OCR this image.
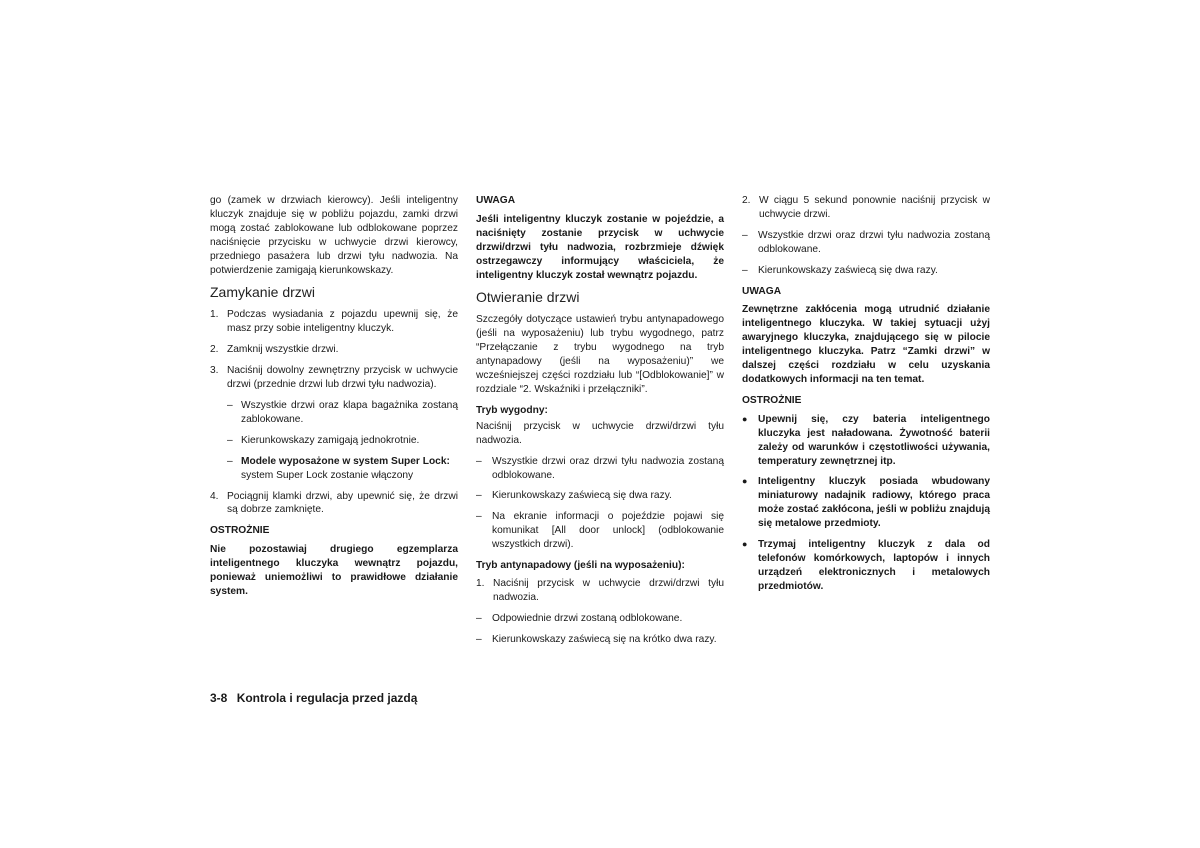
go (zamek w drzwiach kierowcy). Jeśli inteligentny kluczyk znajduje się w pobliżu pojazdu, zamki drzwi mogą zostać zablokowane lub odblokowane poprzez naciśnięcie przycisku w uchwycie drzwi kierowcy, przedniego pasażera lub drzwi tyłu nadwozia. Na potwierdzenie zamigają kierunkowskazy.

Zamykanie drzwi
1. Podczas wysiadania z pojazdu upewnij się, że masz przy sobie inteligentny kluczyk.
2. Zamknij wszystkie drzwi.
3. Naciśnij dowolny zewnętrzny przycisk w uchwycie drzwi (przednie drzwi lub drzwi tyłu nadwozia).
– Wszystkie drzwi oraz klapa bagażnika zostaną zablokowane.
– Kierunkowskazy zamigają jednokrotnie.
– Modele wyposażone w system Super Lock: system Super Lock zostanie włączony
4. Pociągnij klamki drzwi, aby upewnić się, że drzwi są dobrze zamknięte.

OSTROŻNIE

Nie pozostawiaj drugiego egzemplarza inteligentnego kluczyka wewnątrz pojazdu, ponieważ uniemożliwi to prawidłowe działanie system.

UWAGA

Jeśli inteligentny kluczyk zostanie w pojeździe, a naciśnięty zostanie przycisk w uchwycie drzwi/drzwi tyłu nadwozia, rozbrzmieje dźwięk ostrzegawczy informujący właściciela, że inteligentny kluczyk został wewnątrz pojazdu.

Otwieranie drzwi

Szczegóły dotyczące ustawień trybu antynapadowego (jeśli na wyposażeniu) lub trybu wygodnego, patrz “Przełączanie z trybu wygodnego na tryb antynapadowy (jeśli na wyposażeniu)” we wcześniejszej części rozdziału lub “[Odblokowanie]” w rozdziale “2. Wskaźniki i przełączniki”.

Tryb wygodny:

Naciśnij przycisk w uchwycie drzwi/drzwi tyłu nadwozia.

–	Wszystkie drzwi oraz drzwi tyłu nadwozia zostaną odblokowane.
–	Kierunkowskazy zaświecą się dwa razy.
–	Na ekranie informacji o pojeździe pojawi się komunikat [All door unlock] (odblokowanie wszystkich drzwi).

Tryb antynapadowy (jeśli na wyposażeniu):

1. Naciśnij przycisk w uchwycie drzwi/drzwi tyłu nadwozia.
–	Odpowiednie drzwi zostaną odblokowane.
–	Kierunkowskazy zaświecą się na krótko dwa razy.
2. W ciągu 5 sekund ponownie naciśnij przycisk w uchwycie drzwi.
–	Wszystkie drzwi oraz drzwi tyłu nadwozia zostaną odblokowane.
–	Kierunkowskazy zaświecą się dwa razy.

UWAGA

Zewnętrzne zakłócenia mogą utrudnić działanie inteligentnego kluczyka. W takiej sytuacji użyj awaryjnego kluczyka, znajdującego się w pilocie inteligentnego kluczyka. Patrz “Zamki drzwi” w dalszej części rozdziału w celu uzyskania dodatkowych informacji na ten temat.

OSTROŻNIE

●	Upewnij się, czy bateria inteligentnego kluczyka jest naładowana. Żywotność baterii zależy od warunków i częstotliwości używania, temperatury zewnętrznej itp.
●	Inteligentny kluczyk posiada wbudowany miniaturowy nadajnik radiowy, którego praca może zostać zakłócona, jeśli w pobliżu znajdują się metalowe przedmioty.
●	Trzymaj inteligentny kluczyk z dala od telefonów komórkowych, laptopów i innych urządzeń elektronicznych i metalowych przedmiotów.
3-8 Kontrola i regulacja przed jazdą
